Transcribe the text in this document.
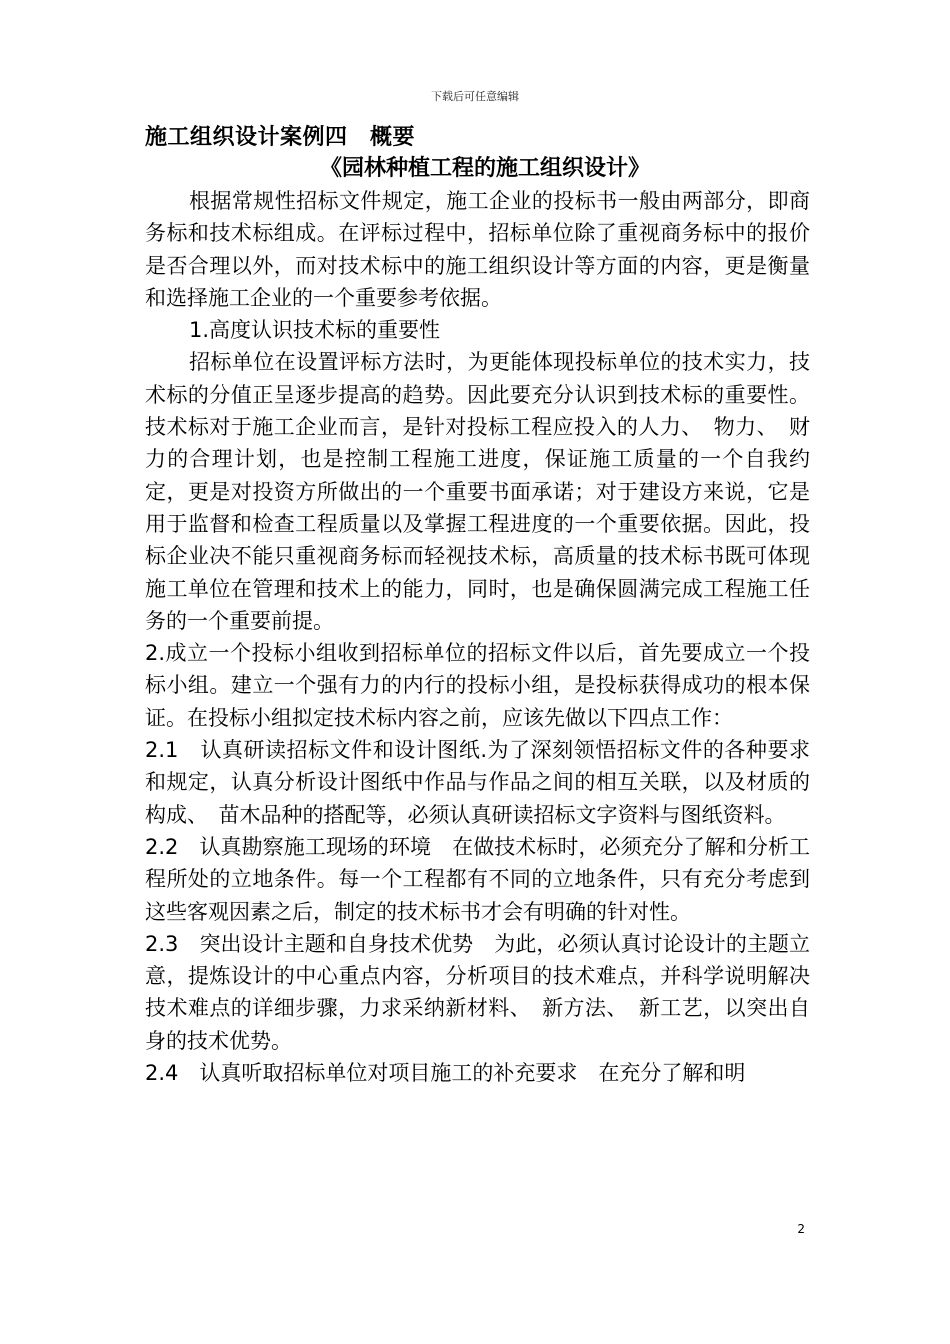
下载后可任意编辑
施工组织设计案例四　概要
《园林种植工程的施工组织设计》

根据常规性招标文件规定，施工企业的投标书一般由两部分，即商务标和技术标组成。在评标过程中，招标单位除了重视商务标中的报价是否合理以外，而对技术标中的施工组织设计等方面的内容，更是衡量和选择施工企业的一个重要参考依据。

1.高度认识技术标的重要性

招标单位在设置评标方法时，为更能体现投标单位的技术实力，技术标的分值正呈逐步提高的趋势。因此要充分认识到技术标的重要性。技术标对于施工企业而言，是针对投标工程应投入的人力、　物力、　财力的合理计划，也是控制工程施工进度，保证施工质量的一个自我约定，更是对投资方所做出的一个重要书面承诺；对于建设方来说，它是用于监督和检查工程质量以及掌握工程进度的一个重要依据。因此，投标企业决不能只重视商务标而轻视技术标，高质量的技术标书既可体现施工单位在管理和技术上的能力，同时，也是确保圆满完成工程施工任务的一个重要前提。

2.成立一个投标小组收到招标单位的招标文件以后，首先要成立一个投标小组。建立一个强有力的内行的投标小组，是投标获得成功的根本保证。在投标小组拟定技术标内容之前，应该先做以下四点工作：

2.1　认真研读招标文件和设计图纸.为了深刻领悟招标文件的各种要求和规定，认真分析设计图纸中作品与作品之间的相互关联，以及材质的构成、　苗木品种的搭配等，必须认真研读招标文字资料与图纸资料。

2.2　认真勘察施工现场的环境　在做技术标时，必须充分了解和分析工程所处的立地条件。每一个工程都有不同的立地条件，只有充分考虑到这些客观因素之后，制定的技术标书才会有明确的针对性。

2.3　突出设计主题和自身技术优势　为此，必须认真讨论设计的主题立意，提炼设计的中心重点内容，分析项目的技术难点，并科学说明解决技术难点的详细步骤，力求采纳新材料、　新方法、　新工艺，以突出自身的技术优势。

2.4　认真听取招标单位对项目施工的补充要求　在充分了解和明

2
